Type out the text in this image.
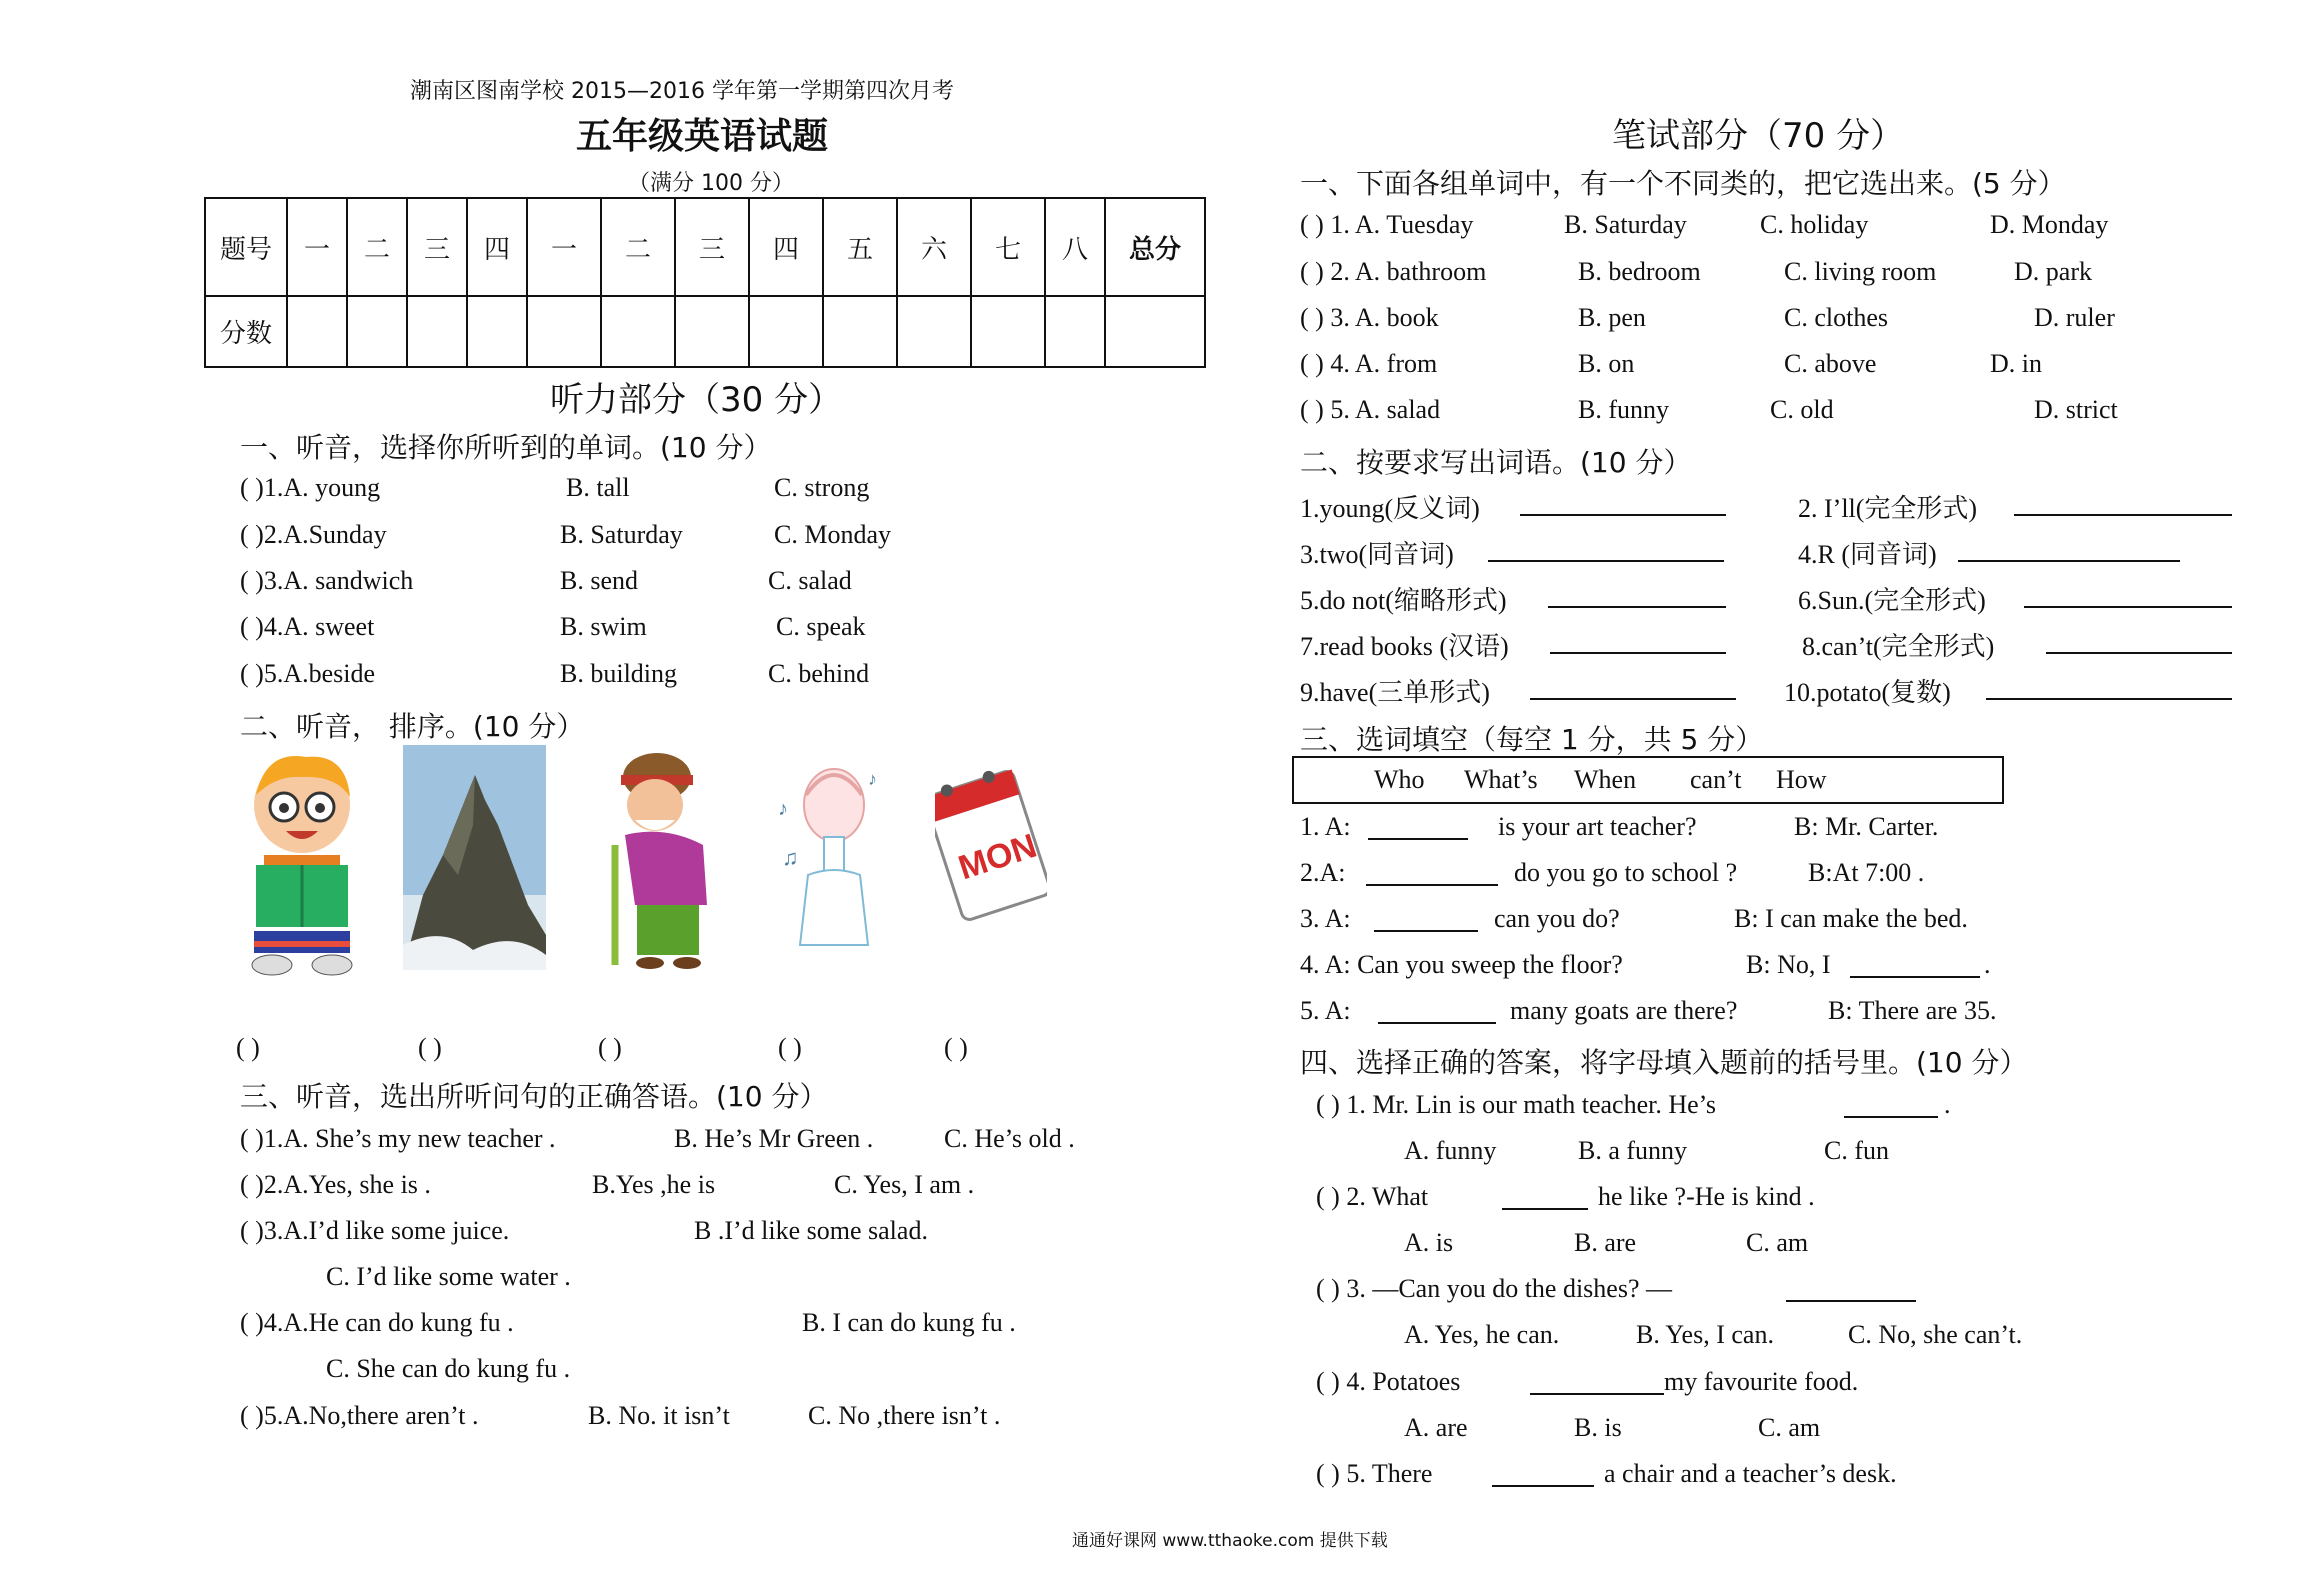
潮南区图南学校 2015—2016 学年第一学期第四次月考
五年级英语试题
（满分 100 分）
题号	一	二	三	四	一	二	三	四	五	六	七	八	总分
分数													
听力部分（30 分）
一、听音，选择你所听到的单词。(10 分）
( )1.A. young	B. tall	C. strong
( )2.A.Sunday	B. Saturday	C. Monday
( )3.A. sandwich	B. send	C. salad
( )4.A. sweet	B. swim	C. speak
( )5.A.beside	B. building	C. behind
二、听音， 排序。(10 分）
♪
♫
♪
MON
( )	( )	( )	( )	( )
三、听音，选出所听问句的正确答语。(10 分）
( )1.A. She’s my new teacher .	B. He’s Mr Green .	C. He’s old .
( )2.A.Yes, she is .	B.Yes ,he is	C. Yes, I am .
( )3.A.I’d like some juice.	B .I’d like some salad.
C. I’d like some water .
( )4.A.He can do kung fu .	B. I can do kung fu .
C. She can do kung fu .
( )5.A.No,there aren’t .	B. No. it isn’t	C. No ,there isn’t .
笔试部分（70 分）
一、下面各组单词中，有一个不同类的，把它选出来。(5 分）
( ) 1. A. Tuesday	B. Saturday	C. holiday	D. Monday
( ) 2. A. bathroom	B. bedroom	C. living room	D. park
( ) 3. A. book	B. pen	C. clothes	D. ruler
( ) 4. A. from	B. on	C. above	D. in
( ) 5. A. salad	B. funny	C. old	D. strict
二、按要求写出词语。(10 分）
1.young(反义词)	2. I’ll(完全形式)
3.two(同音词)	4.R (同音词)
5.do not(缩略形式)	6.Sun.(完全形式)
7.read books (汉语)	8.can’t(完全形式)
9.have(三单形式)	10.potato(复数)
三、选词填空（每空 1 分，共 5 分）
Who What’s When can’t How
1. A:	is your art teacher?	B: Mr. Carter.
2.A:	do you go to school ?	B:At 7:00 .
3. A:	can you do?	B: I can make the bed.
4. A: Can you sweep the floor?	B: No, I	.
5. A:	many goats are there?	B: There are 35.
四、选择正确的答案，将字母填入题前的括号里。(10 分）
( ) 1. Mr. Lin is our math teacher. He’s	.
A. funny	B. a funny	C. fun
( ) 2. What	he like ?-He is kind .
A. is	B. are	C. am
( ) 3. —Can you do the dishes? —
A. Yes, he can.	B. Yes, I can.	C. No, she can’t.
( ) 4. Potatoes	my favourite food.
A. are	B. is	C. am
( ) 5. There	a chair and a teacher’s desk.
通通好课网 www.tthaoke.com 提供下载
